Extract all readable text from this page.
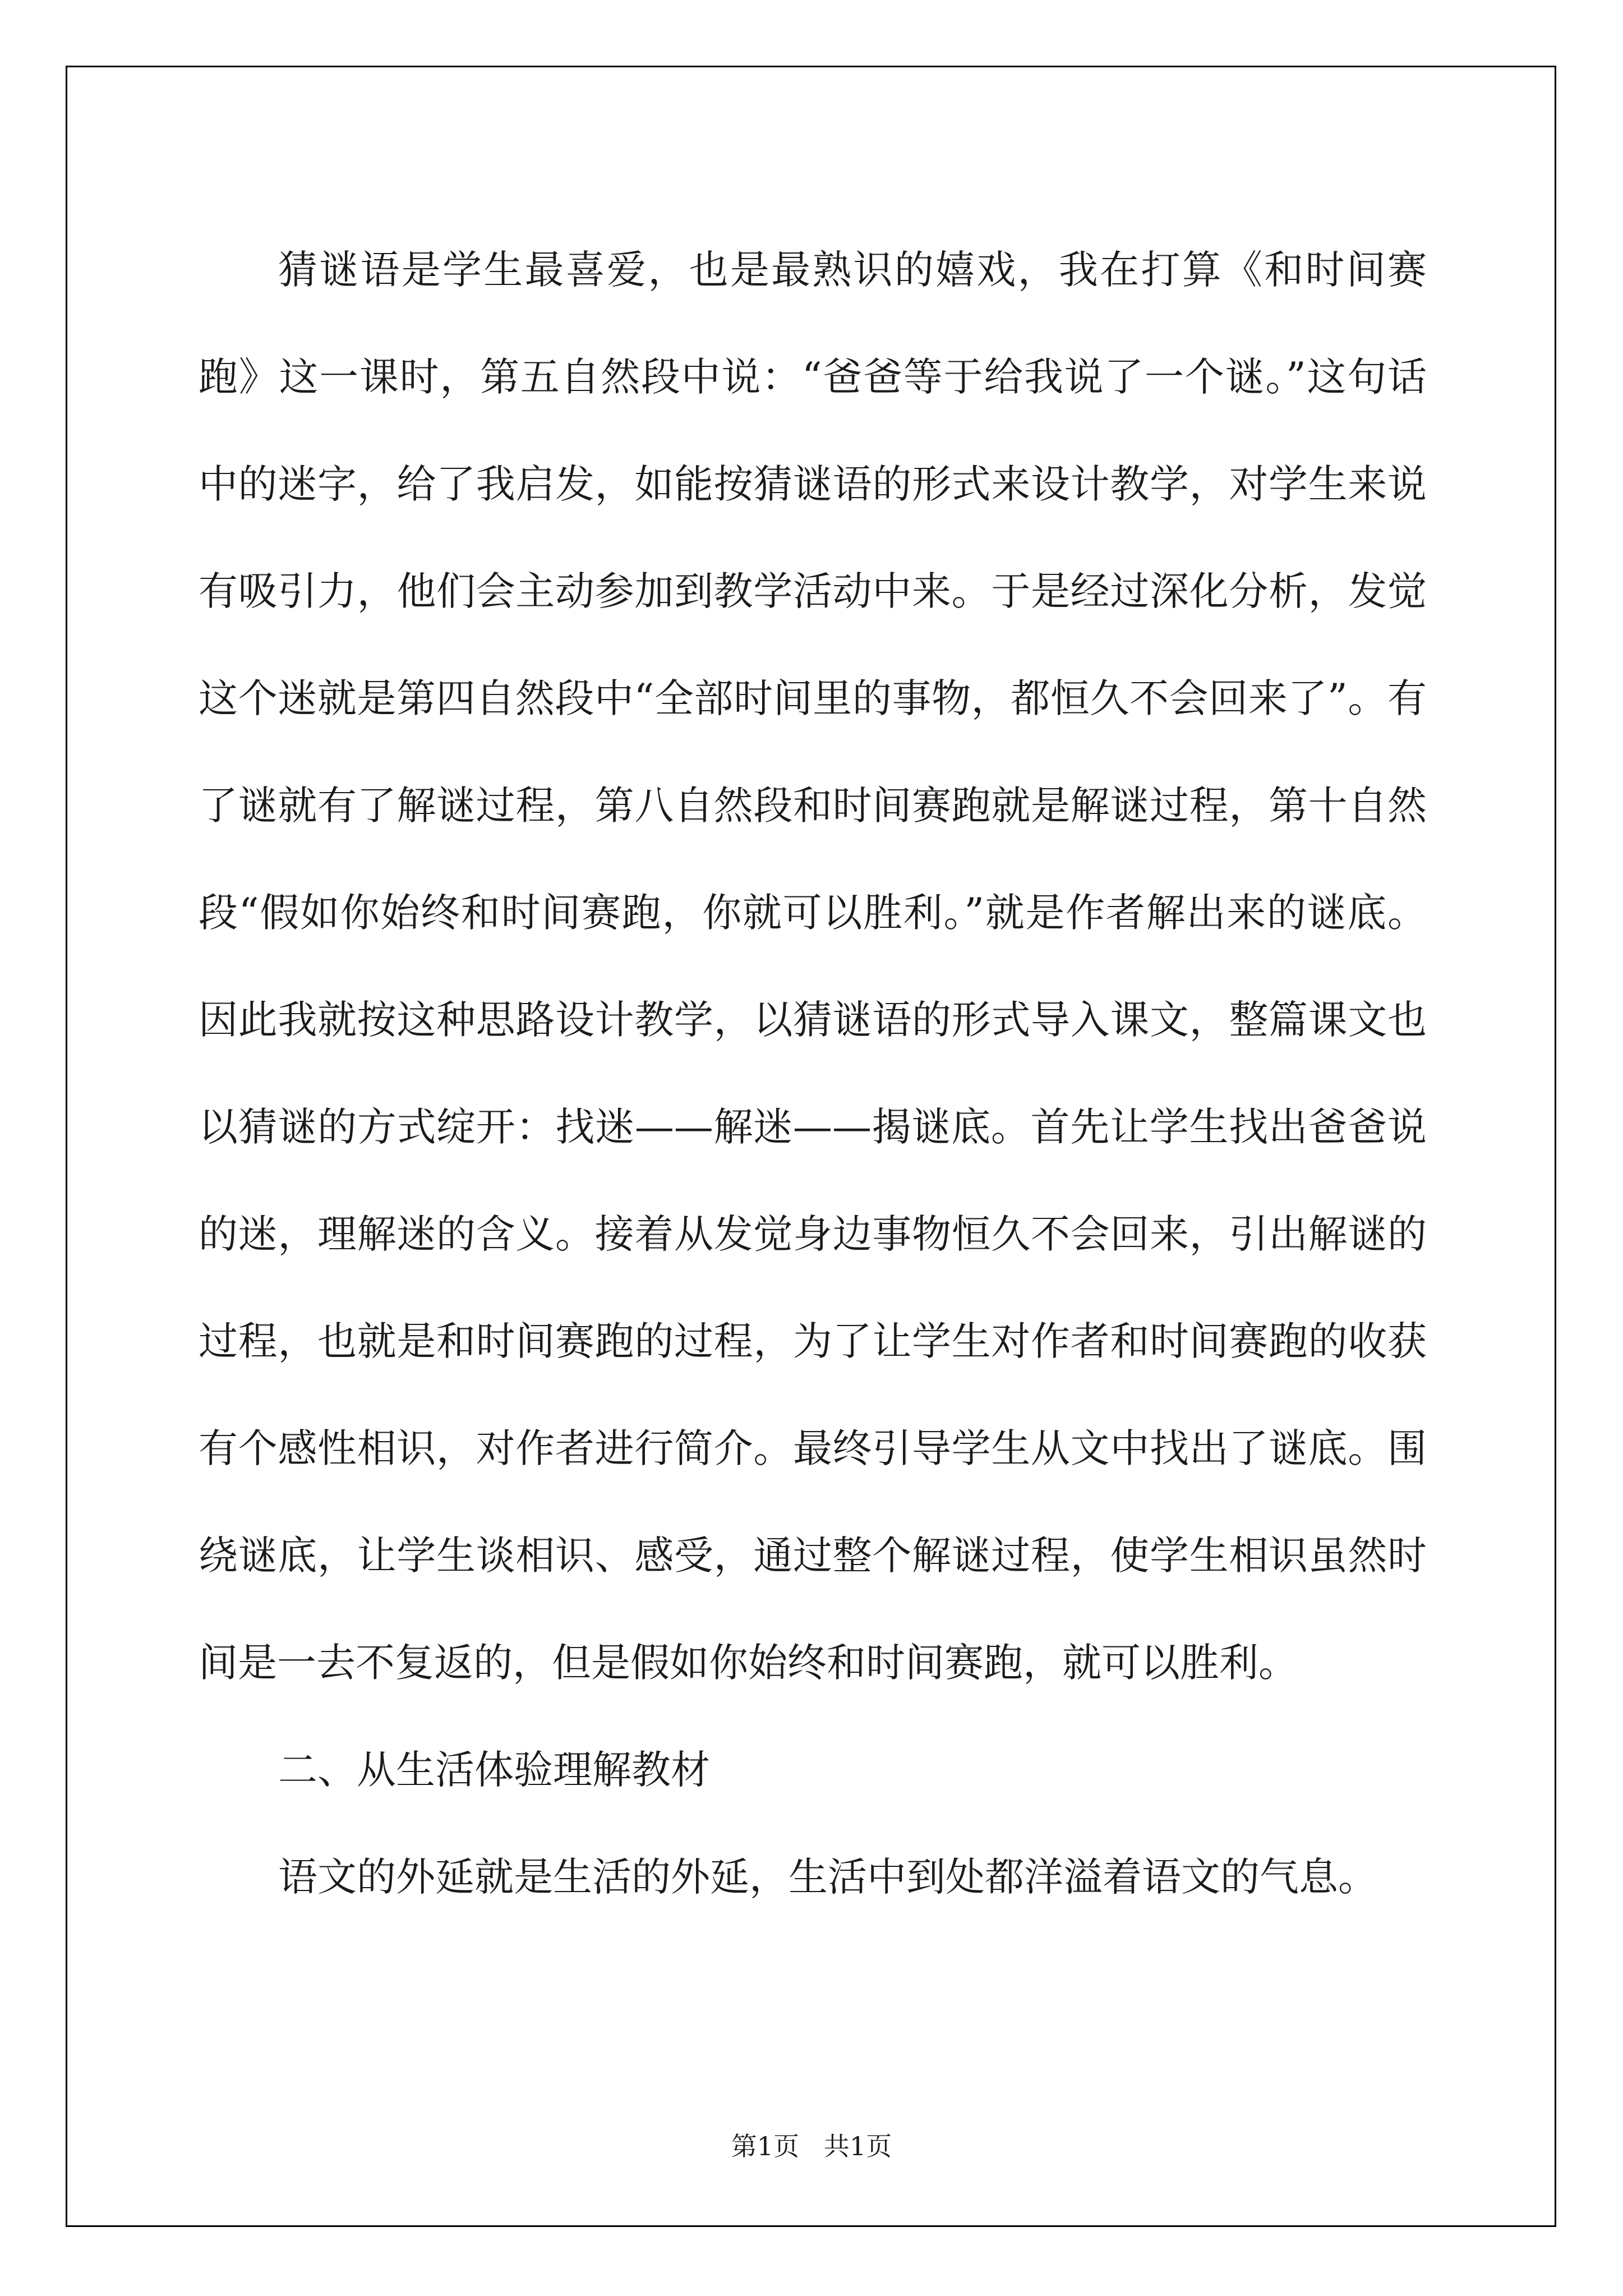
猜谜语是学生最喜爱，也是最熟识的嬉戏，我在打算《和时间赛跑》这一课时，第五自然段中说：“爸爸等于给我说了一个谜。”这句话中的迷字，给了我启发，如能按猜谜语的形式来设计教学，对学生来说有吸引力，他们会主动参加到教学活动中来。于是经过深化分析，发觉这个迷就是第四自然段中“全部时间里的事物，都恒久不会回来了”。有了谜就有了解谜过程，第八自然段和时间赛跑就是解谜过程，第十自然段“假如你始终和时间赛跑，你就可以胜利。”就是作者解出来的谜底。因此我就按这种思路设计教学，以猜谜语的形式导入课文，整篇课文也以猜谜的方式绽开：找迷——解迷——揭谜底。首先让学生找出爸爸说的迷，理解迷的含义。接着从发觉身边事物恒久不会回来，引出解谜的过程，也就是和时间赛跑的过程，为了让学生对作者和时间赛跑的收获有个感性相识，对作者进行简介。最终引导学生从文中找出了谜底。围绕谜底，让学生谈相识、感受，通过整个解谜过程，使学生相识虽然时间是一去不复返的，但是假如你始终和时间赛跑，就可以胜利。

二、从生活体验理解教材

语文的外延就是生活的外延，生活中到处都洋溢着语文的气息。

第1页   共1页
